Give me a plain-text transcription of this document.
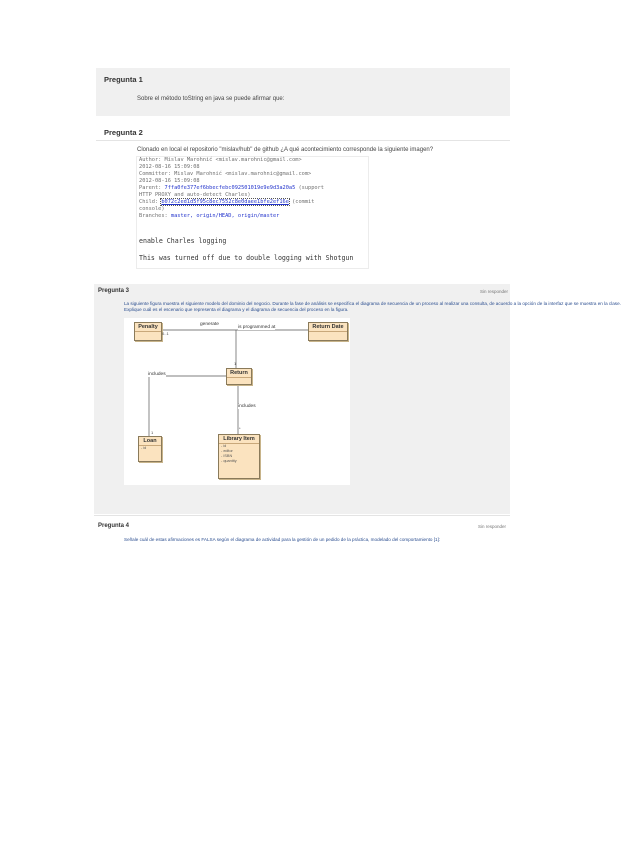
Pregunta 1
Sobre el método toString en java se puede afirmar que:
Pregunta 2
Clonado en local el repositorio "mislav/hub" de github ¿A qué acontecimiento corresponde la siguiente imagen?
Author: Mislav Marohnić <mislav.marohnic@gmail.com>
2012-08-16 15:09:08
Committer: Mislav Marohnić <mislav.marohnic@gmail.com>
2012-08-16 15:09:08
Parent: 7ffa0fe377ef6bbecfebc092501019e9e9d3a20a5 (support
HTTP PROXY and auto-detect Charles)
Child: b072c2ed1d5f95c8ec7552c8e0daee1bfe2ef16e (commit
console)
Branches: master, origin/HEAD, origin/master
enable Charles logging
This was turned off due to double logging with Shotgun
Pregunta 3	Sin responder
La siguiente figura muestra el siguiente modelo del dominio del negocio. Durante la fase de análisis se especifica el diagrama de secuencia de un proceso al realizar una consulta, de acuerdo a la opción de la interfaz que se muestra en la clase.
Explique cuál es el escenario que representa el diagrama y el diagrama de secuencia del proceso en la figura.
Penalty	Return Date
Return
Loan
- id
Library Item
- id
- editor
- ISBN
- quantity
generate
is programmed at
includes
includes
0..1
1
*
1
Pregunta 4	Sin responder
Señale cuál de estas afirmaciones es FALSA según el diagrama de actividad para la gestión de un pedido de la práctica, modelado del comportamiento [1]:
